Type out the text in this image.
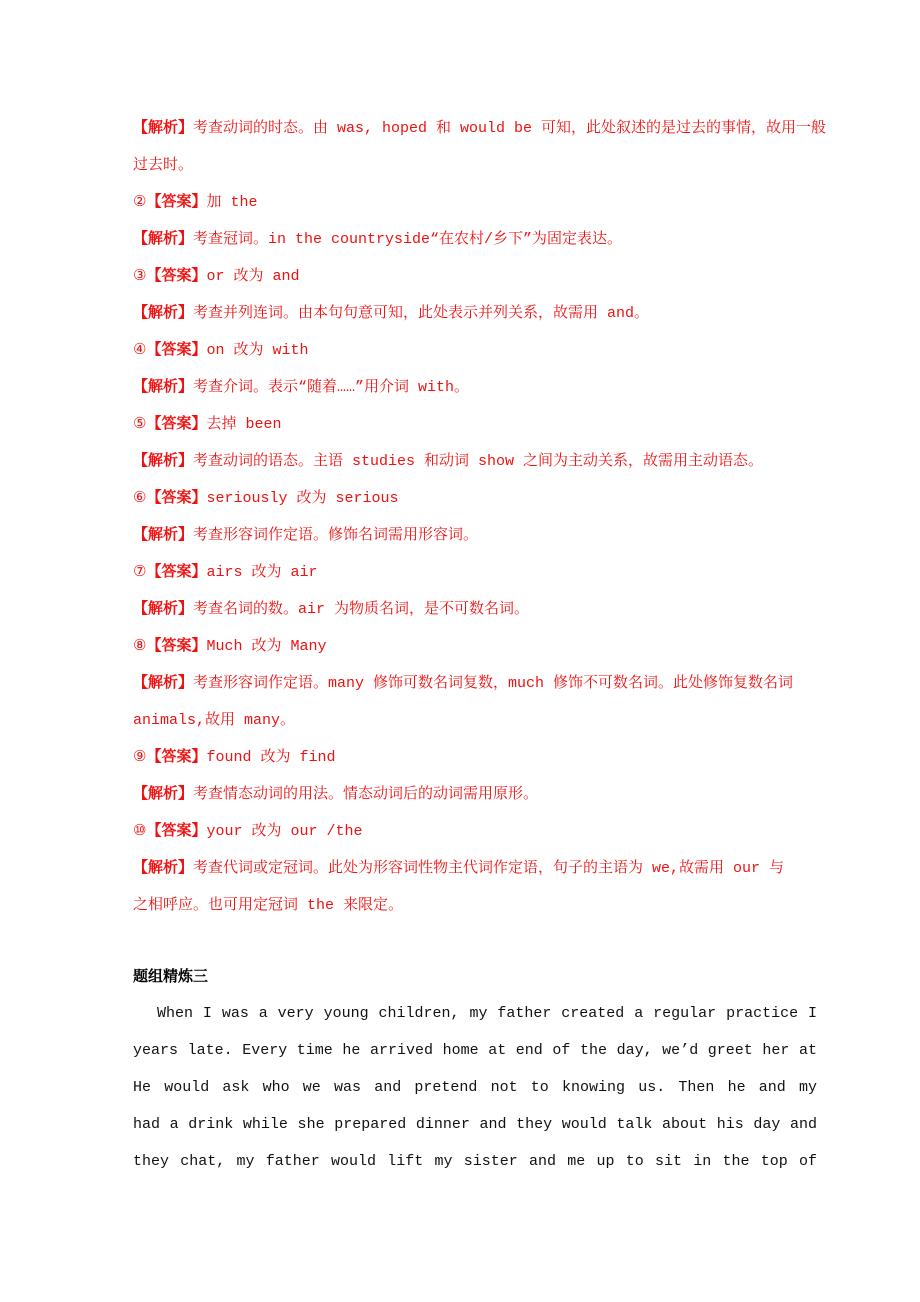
【解析】考查动词的时态。由 was, hoped 和 would be 可知，此处叙述的是过去的事情，故用一般
过去时。
②【答案】加 the
【解析】考查冠词。in the countryside“在农村/乡下”为固定表达。
③【答案】or 改为 and
【解析】考查并列连词。由本句句意可知，此处表示并列关系，故需用 and。
④【答案】on 改为 with
【解析】考查介词。表示“随着……”用介词 with。
⑤【答案】去掉 been
【解析】考查动词的语态。主语 studies 和动词 show 之间为主动关系，故需用主动语态。
⑥【答案】seriously 改为 serious
【解析】考查形容词作定语。修饰名词需用形容词。
⑦【答案】airs 改为 air
【解析】考查名词的数。air 为物质名词，是不可数名词。
⑧【答案】Much 改为 Many
【解析】考查形容词作定语。many 修饰可数名词复数，much 修饰不可数名词。此处修饰复数名词
animals,故用 many。
⑨【答案】found 改为 find
【解析】考查情态动词的用法。情态动词后的动词需用原形。
⑩【答案】your 改为 our /the
【解析】考查代词或定冠词。此处为形容词性物主代词作定语，句子的主语为 we,故需用 our 与
之相呼应。也可用定冠词 the 来限定。
题组精炼三
When I was a very young children, my father created a regular practice I
years late. Every time he arrived home at end of the day, we’d greet her at
He would ask who we was and pretend not to knowing us. Then he and my
had a drink while she prepared dinner and they would talk about his day and
they chat, my father would lift my sister and me up to sit in the top of
